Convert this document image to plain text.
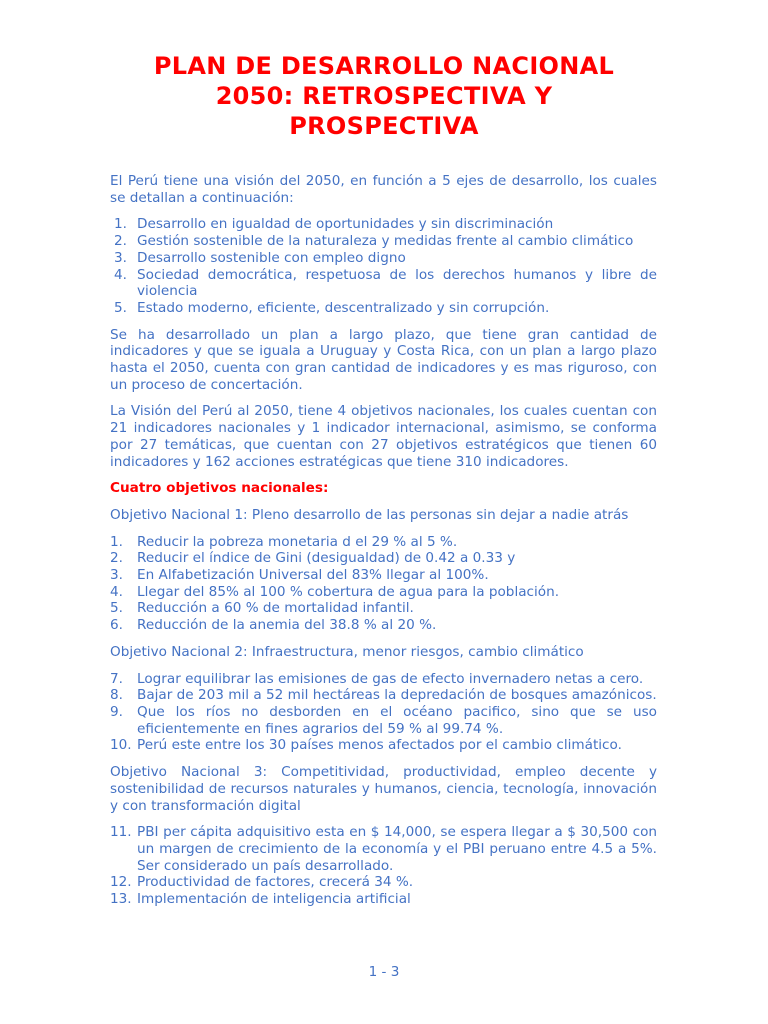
PLAN DE DESARROLLO NACIONAL
2050: RETROSPECTIVA Y
PROSPECTIVA

El Perú tiene una visión del 2050, en función a 5 ejes de desarrollo, los cuales se detallan a continuación:

1. Desarrollo en igualdad de oportunidades y sin discriminación
2. Gestión sostenible de la naturaleza y medidas frente al cambio climático
3. Desarrollo sostenible con empleo digno
4. Sociedad democrática, respetuosa de los derechos humanos y libre de violencia
5. Estado moderno, eficiente, descentralizado y sin corrupción.

Se ha desarrollado un plan a largo plazo, que tiene gran cantidad de indicadores y que se iguala a Uruguay y Costa Rica, con un plan a largo plazo hasta el 2050, cuenta con gran cantidad de indicadores y es mas riguroso, con un proceso de concertación.

La Visión del Perú al 2050, tiene 4 objetivos nacionales, los cuales cuentan con 21 indicadores nacionales y 1 indicador internacional, asimismo, se conforma por 27 temáticas, que cuentan con 27 objetivos estratégicos que tienen 60 indicadores y 162 acciones estratégicas que tiene 310 indicadores.

Cuatro objetivos nacionales:

Objetivo Nacional 1: Pleno desarrollo de las personas sin dejar a nadie atrás

1. Reducir la pobreza monetaria d el 29 % al 5 %.
2. Reducir el índice de Gini (desigualdad) de 0.42 a 0.33 y
3. En Alfabetización Universal del 83% llegar al 100%.
4. Llegar del 85% al 100 % cobertura de agua para la población.
5. Reducción a 60 % de mortalidad infantil.
6. Reducción de la anemia del 38.8 % al 20 %.

Objetivo Nacional 2: Infraestructura, menor riesgos, cambio climático

7. Lograr equilibrar las emisiones de gas de efecto invernadero netas a cero.
8. Bajar de 203 mil a 52 mil hectáreas la depredación de bosques amazónicos.
9. Que los ríos no desborden en el océano pacifico, sino que se uso eficientemente en fines agrarios del 59 % al 99.74 %.
10. Perú este entre los 30 países menos afectados por el cambio climático.

Objetivo Nacional 3: Competitividad, productividad, empleo decente y sostenibilidad de recursos naturales y humanos, ciencia, tecnología, innovación y con transformación digital

11. PBI per cápita adquisitivo esta en $ 14,000, se espera llegar a $ 30,500 con un margen de crecimiento de la economía y el PBI peruano entre 4.5 a 5%. Ser considerado un país desarrollado.
12. Productividad de factores, crecerá 34 %.
13. Implementación de inteligencia artificial
1 - 3
